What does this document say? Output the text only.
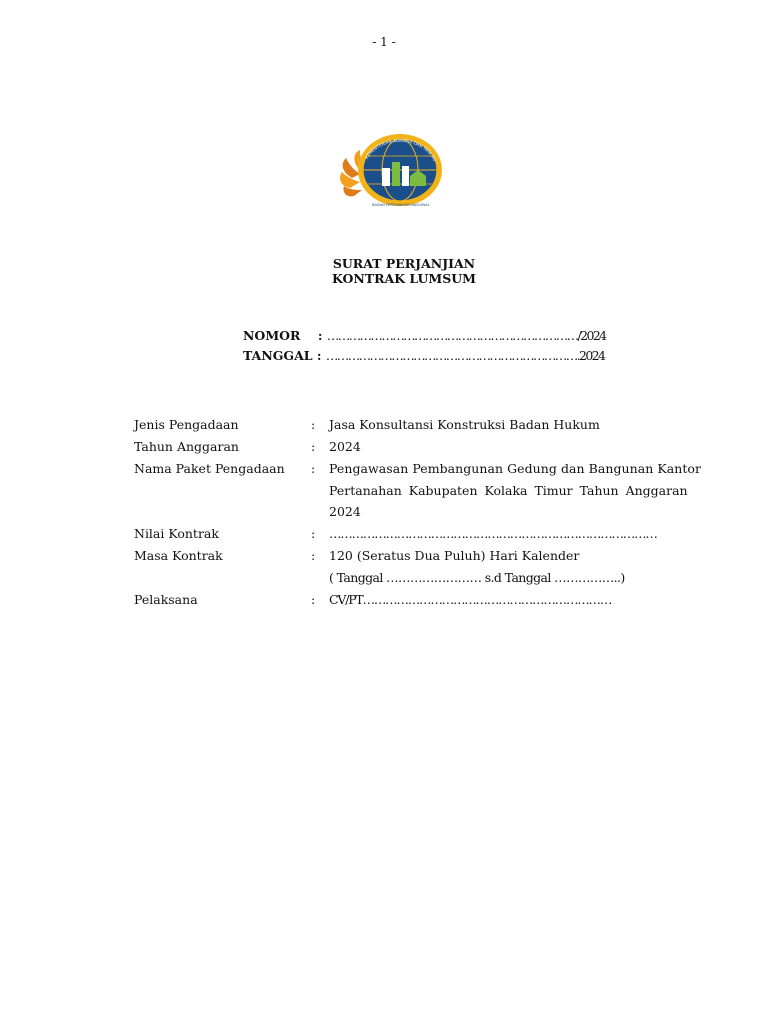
- 1 -
KEMENTERIAN AGRARIA DAN TATA RU
BADAN PERTANAHAN NASIONAL
SURAT PERJANJIAN
KONTRAK LUMSUM
NOMOR    : ……………………………………………………………/2024
TANGGAL : …………………………………………………………….2024
Jenis Pengadaan	:	Jasa Konsultansi Konstruksi Badan Hukum
Tahun Anggaran	:	2024
Nama Paket Pengadaan	:	Pengawasan Pembangunan Gedung dan Bangunan Kantor
Pertanahan Kabupaten Kolaka Timur Tahun Anggaran
2024
Nilai Kontrak	:	……………………………………………………………………………
Masa Kontrak	:	120 (Seratus Dua Puluh) Hari Kalender
( Tanggal …………………… s.d Tanggal ……………..)
Pelaksana	:	CV/PT…………………………………………………………
